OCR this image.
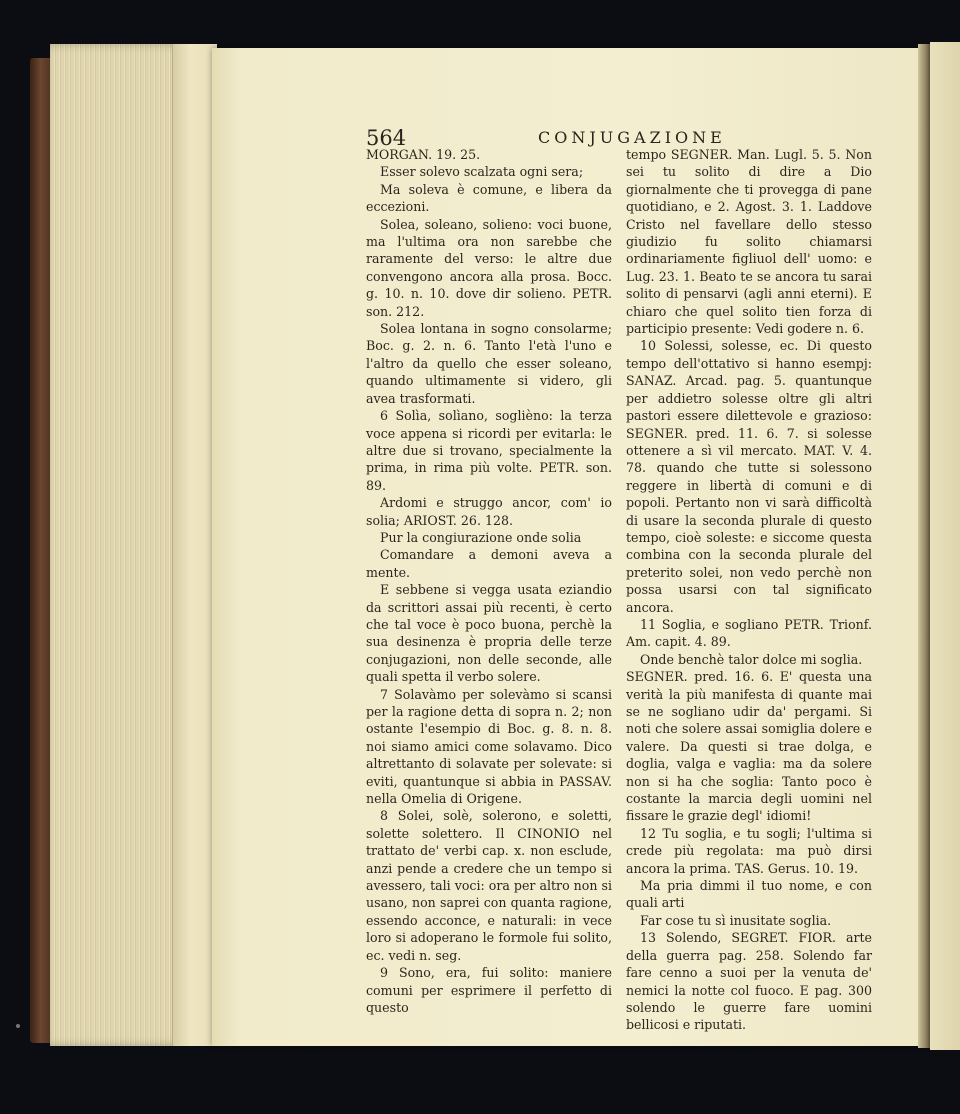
564	CONJUGAZIONE

MORGAN. 19. 25.

Esser solevo scalzata ogni sera;

Ma soleva è comune, e libera da eccezioni.

Solea, soleano, solieno: voci buone, ma l'ultima ora non sarebbe che raramente del verso: le altre due convengono ancora alla prosa. Bocc. g. 10. n. 10. dove dir solieno. PETR. son. 212.

Solea lontana in sogno consolarme; Boc. g. 2. n. 6. Tanto l'età l'uno e l'altro da quello che esser soleano, quando ultimamente si videro, gli avea trasformati.

6 Solìa, solìano, soglièno: la terza voce appena si ricordi per evitarla: le altre due si trovano, specialmente la prima, in rima più volte. PETR. son. 89.

Ardomi e struggo ancor, com' io solia; ARIOST. 26. 128.

Pur la congiurazione onde solia

Comandare a demoni aveva a mente.

E sebbene si vegga usata eziandio da scrittori assai più recenti, è certo che tal voce è poco buona, perchè la sua desinenza è propria delle terze conjugazioni, non delle seconde, alle quali spetta il verbo solere.

7 Solavàmo per solevàmo si scansi per la ragione detta di sopra n. 2; non ostante l'esempio di Boc. g. 8. n. 8. noi siamo amici come solavamo. Dico altrettanto di solavate per solevate: si eviti, quantunque si abbia in PASSAV. nella Omelia di Origene.

8 Solei, solè, solerono, e soletti, solette solettero. Il CINONIO nel trattato de' verbi cap. x. non esclude, anzi pende a credere che un tempo si avessero, tali voci: ora per altro non si usano, non saprei con quanta ragione, essendo acconce, e naturali: in vece loro si adoperano le formole fui solito, ec. vedi n. seg.

9 Sono, era, fui solito: maniere comuni per esprimere il perfetto di questo

tempo SEGNER. Man. Lugl. 5. 5. Non sei tu solito di dire a Dio giornalmente che ti provegga di pane quotidiano, e 2. Agost. 3. 1. Laddove Cristo nel favellare dello stesso giudizio fu solito chiamarsi ordinariamente figliuol dell' uomo: e Lug. 23. 1. Beato te se ancora tu sarai solito di pensarvi (agli anni eterni). E chiaro che quel solito tien forza di participio presente: Vedi godere n. 6.

10 Solessi, solesse, ec. Di questo tempo dell'ottativo si hanno esempj: SANAZ. Arcad. pag. 5. quantunque per addietro solesse oltre gli altri pastori essere dilettevole e grazioso: SEGNER. pred. 11. 6. 7. si solesse ottenere a sì vil mercato. MAT. V. 4. 78. quando che tutte si solessono reggere in libertà di comuni e di popoli. Pertanto non vi sarà difficoltà di usare la seconda plurale di questo tempo, cioè soleste: e siccome questa combina con la seconda plurale del preterito solei, non vedo perchè non possa usarsi con tal significato ancora.

11 Soglia, e sogliano PETR. Trionf. Am. capit. 4. 89.

Onde benchè talor dolce mi soglia.

SEGNER. pred. 16. 6. E' questa una verità la più manifesta di quante mai se ne sogliano udir da' pergami. Si noti che solere assai somiglia dolere e valere. Da questi si trae dolga, e doglia, valga e vaglia: ma da solere non si ha che soglia: Tanto poco è costante la marcia degli uomini nel fissare le grazie degl' idiomi!

12 Tu soglia, e tu sogli; l'ultima si crede più regolata: ma può dirsi ancora la prima. TAS. Gerus. 10. 19.

Ma pria dimmi il tuo nome, e con quali arti

Far cose tu sì inusitate soglia.

13 Solendo, SEGRET. FIOR. arte della guerra pag. 258. Solendo far fare cenno a suoi per la venuta de' nemici la notte col fuoco. E pag. 300 solendo le guerre fare uomini bellicosi e riputati.
